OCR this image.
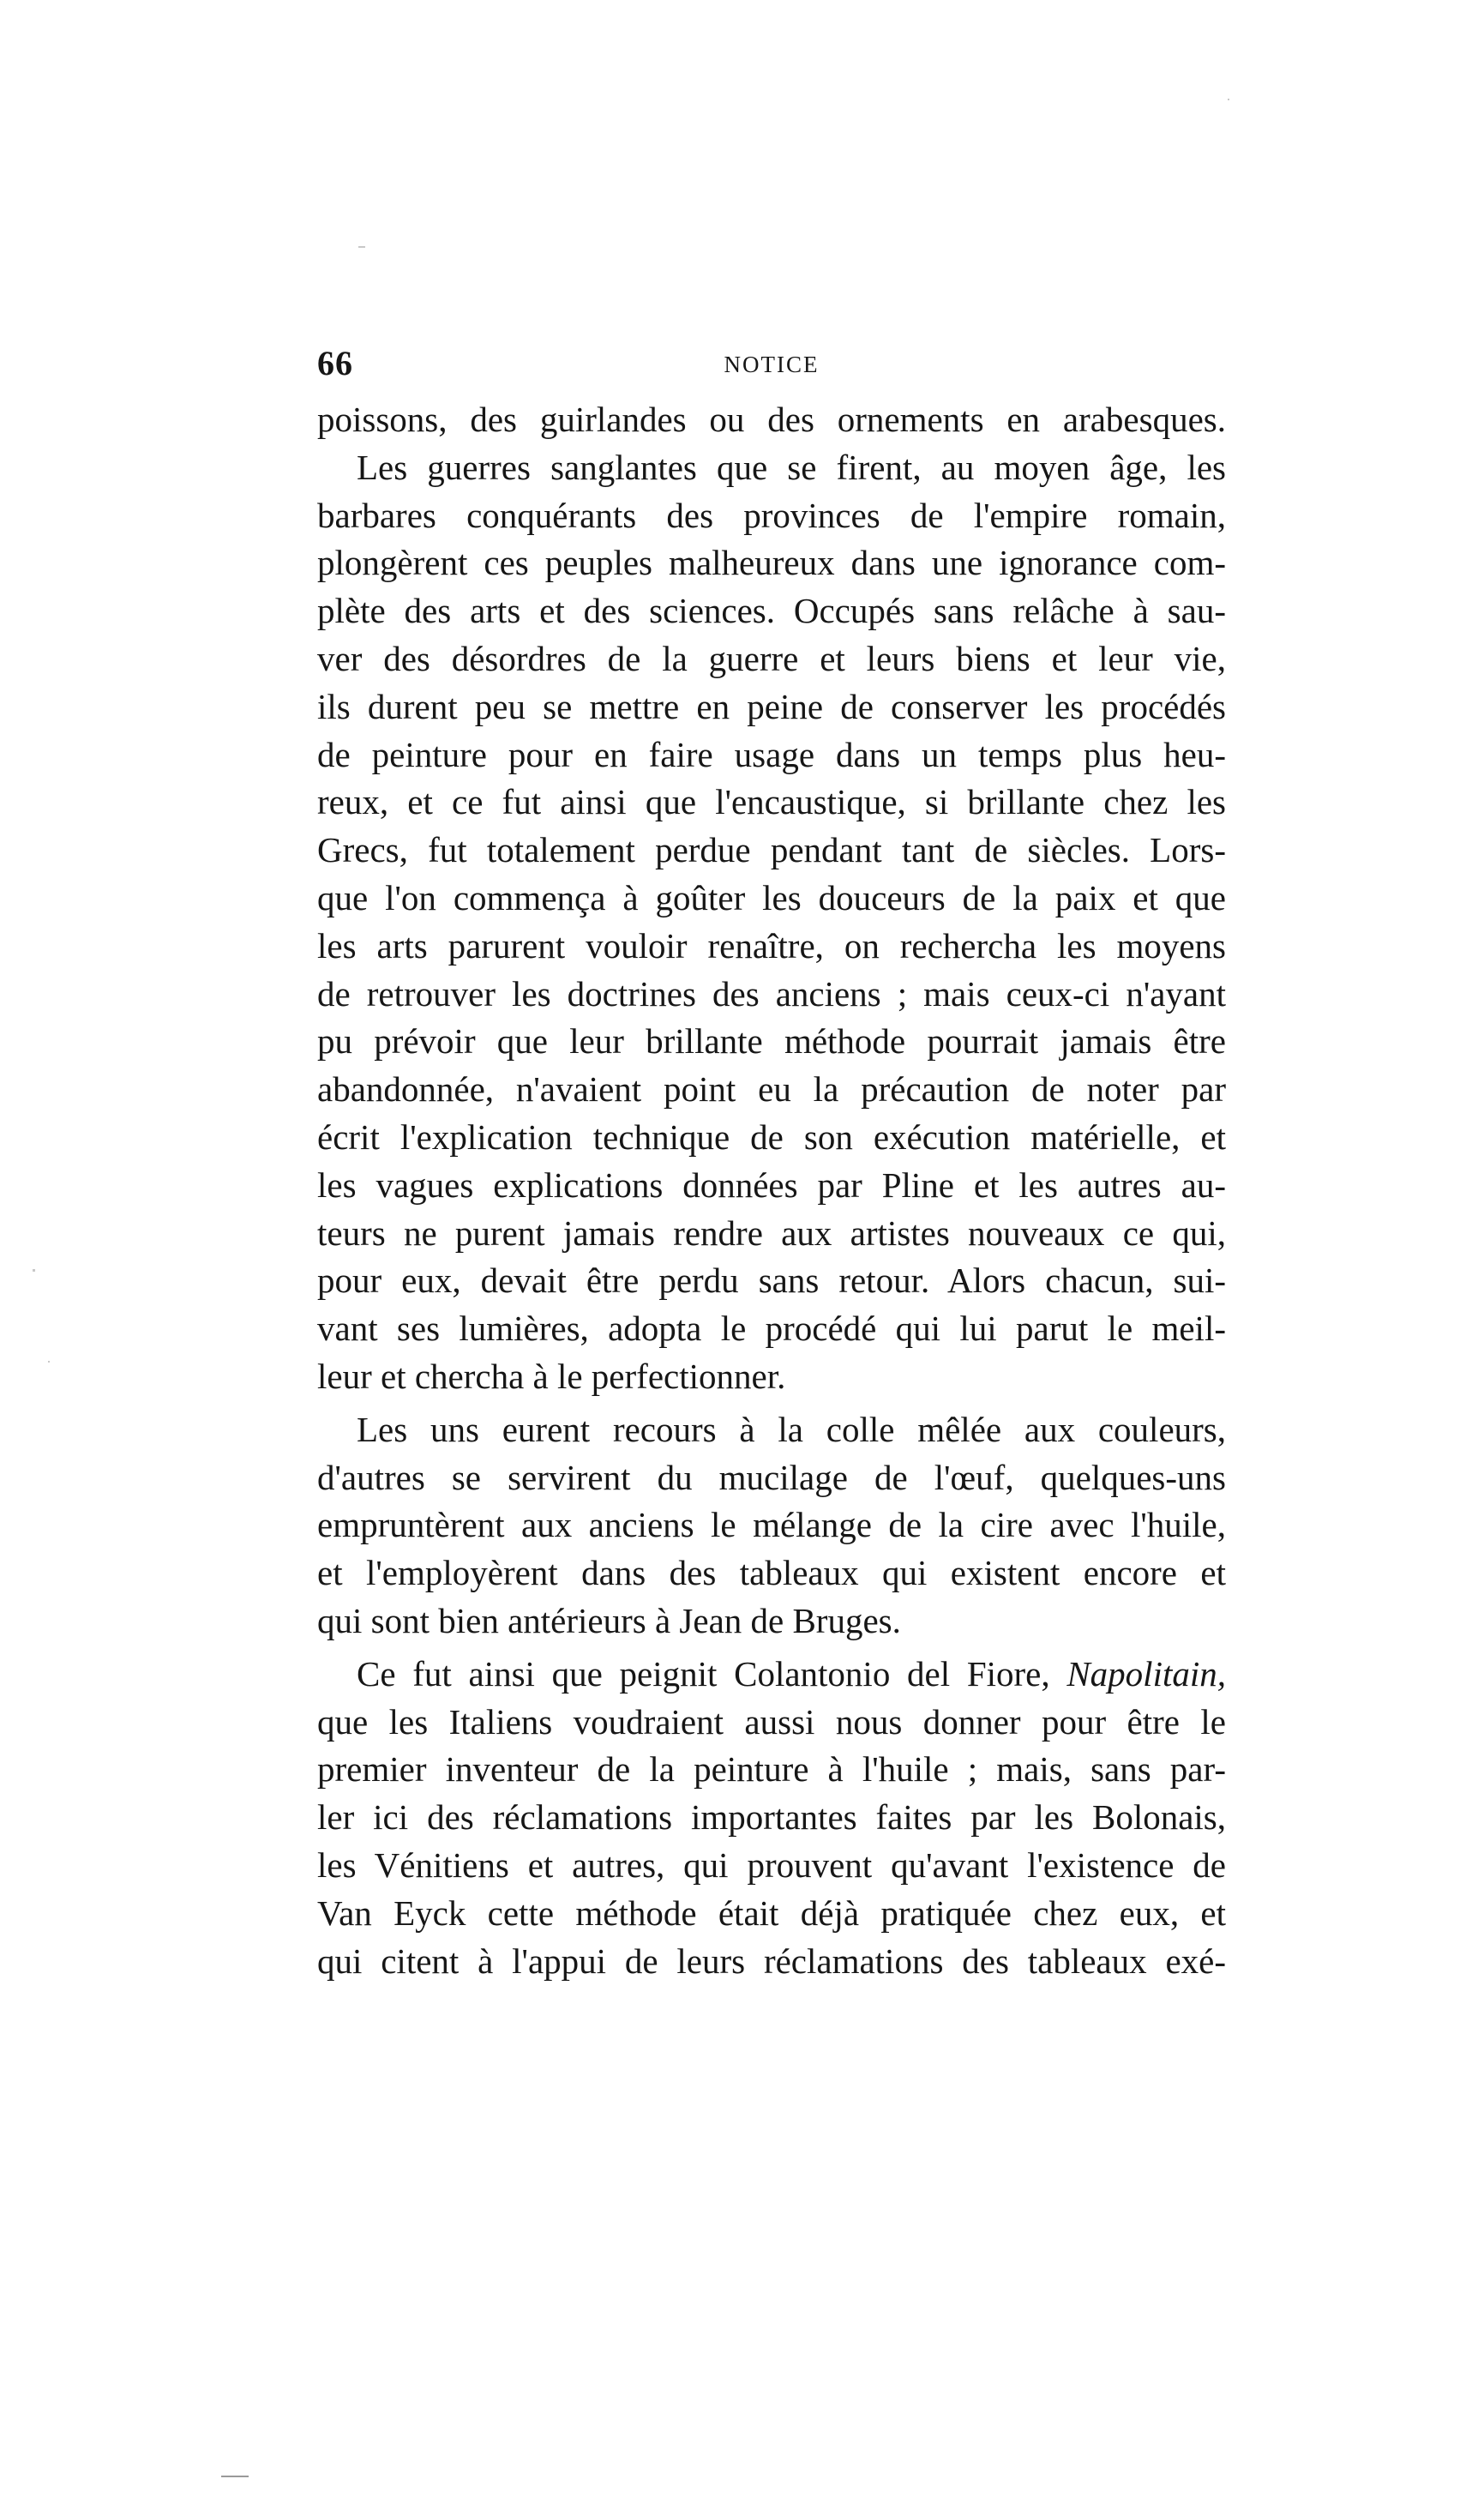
66	NOTICE
poissons, des guirlandes ou des ornements en arabesques.
Les guerres sanglantes que se firent, au moyen âge, les
barbares conquérants des provinces de l'empire romain,
plongèrent ces peuples malheureux dans une ignorance com-
plète des arts et des sciences. Occupés sans relâche à sau-
ver des désordres de la guerre et leurs biens et leur vie,
ils durent peu se mettre en peine de conserver les procédés
de peinture pour en faire usage dans un temps plus heu-
reux, et ce fut ainsi que l'encaustique, si brillante chez les
Grecs, fut totalement perdue pendant tant de siècles. Lors-
que l'on commença à goûter les douceurs de la paix et que
les arts parurent vouloir renaître, on rechercha les moyens
de retrouver les doctrines des anciens ; mais ceux-ci n'ayant
pu prévoir que leur brillante méthode pourrait jamais être
abandonnée, n'avaient point eu la précaution de noter par
écrit l'explication technique de son exécution matérielle, et
les vagues explications données par Pline et les autres au-
teurs ne purent jamais rendre aux artistes nouveaux ce qui,
pour eux, devait être perdu sans retour. Alors chacun, sui-
vant ses lumières, adopta le procédé qui lui parut le meil-
leur et chercha à le perfectionner.
Les uns eurent recours à la colle mêlée aux couleurs,
d'autres se servirent du mucilage de l'œuf, quelques-uns
empruntèrent aux anciens le mélange de la cire avec l'huile,
et l'employèrent dans des tableaux qui existent encore et
qui sont bien antérieurs à Jean de Bruges.
Ce fut ainsi que peignit Colantonio del Fiore, Napolitain,
que les Italiens voudraient aussi nous donner pour être le
premier inventeur de la peinture à l'huile ; mais, sans par-
ler ici des réclamations importantes faites par les Bolonais,
les Vénitiens et autres, qui prouvent qu'avant l'existence de
Van Eyck cette méthode était déjà pratiquée chez eux, et
qui citent à l'appui de leurs réclamations des tableaux exé-
